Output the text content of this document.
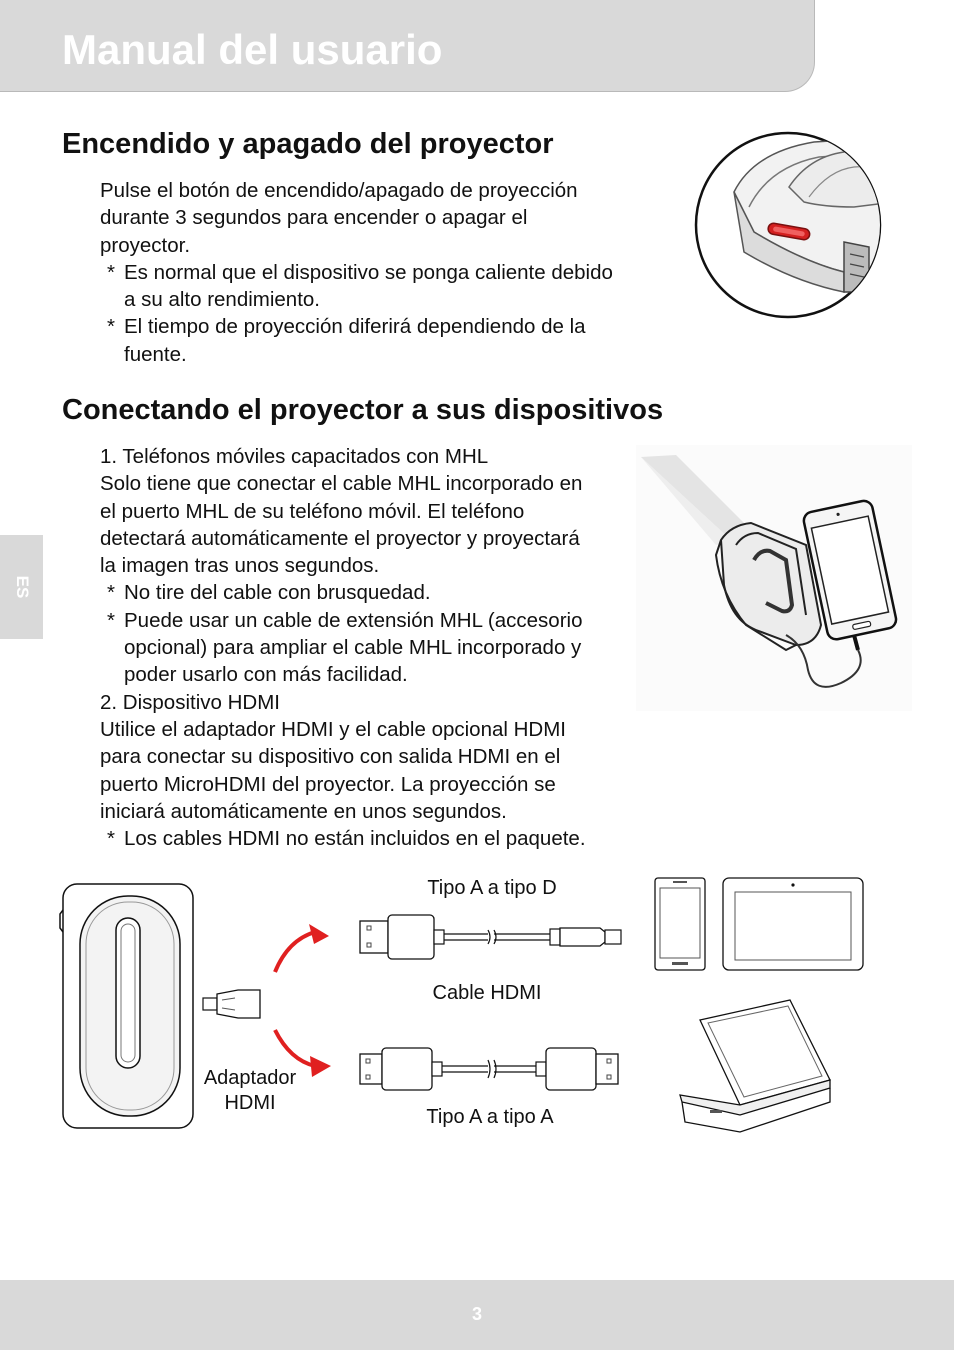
Manual del usuario
Encendido y apagado del proyector

Pulse el botón de encendido/apagado de proyección

durante 3 segundos para encender o apagar el

proyector.

* Es normal que el dispositivo se ponga caliente debido

a su alto rendimiento.

* El tiempo de proyección diferirá dependiendo de la

fuente.

Conectando el proyector a sus dispositivos

1. Teléfonos móviles capacitados con MHL

Solo tiene que conectar el cable MHL incorporado en

el puerto MHL de su teléfono móvil. El teléfono

detectará automáticamente el proyector y proyectará

la imagen tras unos segundos.

* No tire del cable con brusquedad.

* Puede usar un cable de extensión MHL (accesorio

opcional) para ampliar el cable MHL incorporado y

poder usarlo con más facilidad.

2. Dispositivo HDMI

Utilice el adaptador HDMI y el cable opcional HDMI

para conectar su dispositivo con salida HDMI en el

puerto MicroHDMI del proyector. La proyección se

iniciará automáticamente en unos segundos.

* Los cables HDMI no están incluidos en el paquete.

Tipo A a tipo D
Cable HDMI
Tipo A a tipo A
Adaptador
HDMI
ES
3
